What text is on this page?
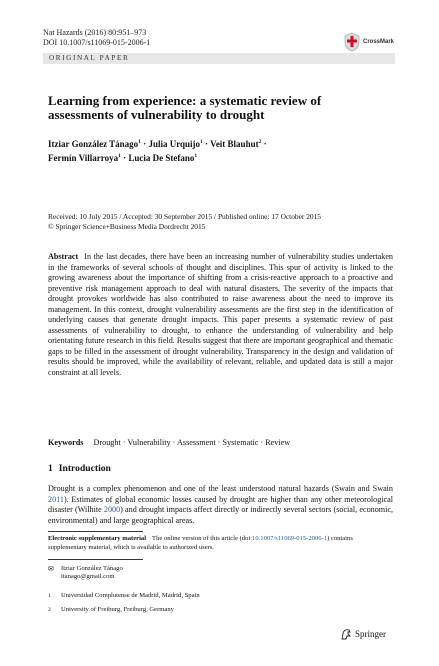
Nat Hazards (2016) 80:951–973
DOI 10.1007/s11069-015-2006-1	CrossMark
ORIGINAL PAPER
Learning from experience: a systematic review of assessments of vulnerability to drought
Itziar González Tánago$^1$ · Julia Urquijo$^1$ · Veit Blauhut$^2$ ·
Fermín Villarroya$^1$ · Lucia De Stefano$^1$
Received: 10 July 2015 / Accepted: 30 September 2015 / Published online: 17 October 2015
© Springer Science+Business Media Dordrecht 2015
Abstract In the last decades, there have been an increasing number of vulnerability studies undertaken in the frameworks of several schools of thought and disciplines. This spur of activity is linked to the growing awareness about the importance of shifting from a crisis-reactive approach to a proactive and preventive risk management approach to deal with natural disasters. The severity of the impacts that drought provokes worldwide has also contributed to raise awareness about the need to improve its management. In this context, drought vulnerability assessments are the first step in the identification of underlying causes that generate drought impacts. This paper presents a systematic review of past assessments of vulnerability to drought, to enhance the understanding of vulnerability and help orientating future research in this field. Results suggest that there are important geographical and thematic gaps to be filled in the assessment of drought vulnerability. Transparency in the design and validation of results should be improved, while the availability of relevant, reliable, and updated data is still a major constraint at all levels.
Keywords Drought · Vulnerability · Assessment · Systematic · Review
1 Introduction
Drought is a complex phenomenon and one of the least understood natural hazards (Swain and Swain 2011). Estimates of global economic losses caused by drought are higher than any other meteorological disaster (Wilhite 2000) and drought impacts affect directly or indirectly several sectors (social, economic, environmental) and large geographical areas.
Electronic supplementary material The online version of this article (doi:10.1007/s11069-015-2006-1) contains supplementary material, which is available to authorized users.
✉ Itziar González Tánago
itanago@gmail.com
1 Universidad Complutense de Madrid, Madrid, Spain
2 University of Freiburg, Freiburg, Germany
Springer
